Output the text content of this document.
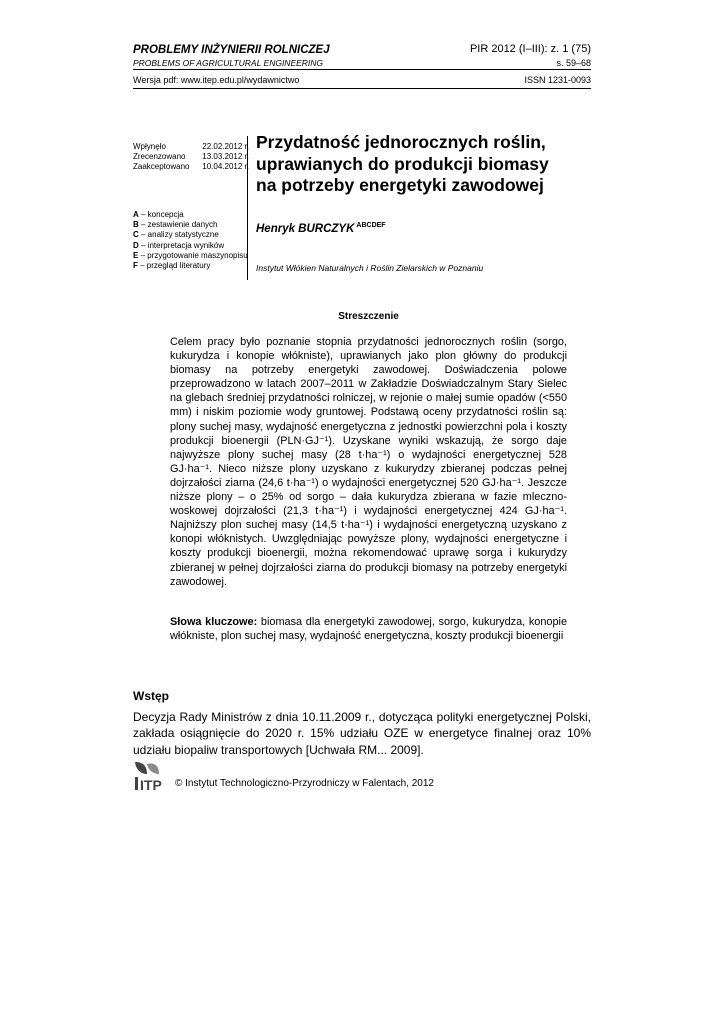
PROBLEMY INŻYNIERII ROLNICZEJ
PROBLEMS OF AGRICULTURAL ENGINEERING
PIR 2012 (I–III): z. 1 (75)
s. 59–68
Wersja pdf: www.itep.edu.pl/wydawnictwo	ISSN 1231-0093
Wpłynęło	22.02.2012 r.
Zrecenzowano 13.03.2012 r.
Zaakceptowano 10.04.2012 r.
A – koncepcja
B – zestawienie danych
C – analizy statystyczne
D – interpretacja wyników
E – przygotowanie maszynopisu
F – przegląd literatury
Przydatność jednorocznych roślin,
uprawianych do produkcji biomasy
na potrzeby energetyki zawodowej
Henryk BURCZYK $^{ABCDEF}$
Instytut Włókien Naturalnych i Roślin Zielarskich w Poznaniu
Streszczenie

Celem pracy było poznanie stopnia przydatności jednorocznych roślin (sorgo, kukurydza i konopie włókniste), uprawianych jako plon główny do produkcji biomasy na potrzeby energetyki zawodowej. Doświadczenia polowe przeprowadzono w latach 2007–2011 w Zakładzie Doświadczalnym Stary Sielec na glebach średniej przydatności rolniczej, w rejonie o małej sumie opadów (<550 mm) i niskim poziomie wody gruntowej. Podstawą oceny przydatności roślin są: plony suchej masy, wydajność energetyczna z jednostki powierzchni pola i koszty produkcji bioenergii (PLN·GJ⁻¹). Uzyskane wyniki wskazują, że sorgo daje najwyższe plony suchej masy (28 t·ha⁻¹) o wydajności energetycznej 528 GJ·ha⁻¹. Nieco niższe plony uzyskano z kukurydzy zbieranej podczas pełnej dojrzałości ziarna (24,6 t·ha⁻¹) o wydajności energetycznej 520 GJ·ha⁻¹. Jeszcze niższe plony – o 25% od sorgo – dała kukurydza zbierana w fazie mleczno-woskowej dojrzałości (21,3 t·ha⁻¹) i wydajności energetycznej 424 GJ·ha⁻¹. Najniższy plon suchej masy (14,5 t·ha⁻¹) i wydajności energetyczną uzyskano z konopi włóknistych. Uwzględniając powyższe plony, wydajności energetyczne i koszty produkcji bioenergii, można rekomendować uprawę sorga i kukurydzy zbieranej w pełnej dojrzałości ziarna do produkcji biomasy na potrzeby energetyki zawodowej.

Słowa kluczowe: biomasa dla energetyki zawodowej, sorgo, kukurydza, konopie włókniste, plon suchej masy, wydajność energetyczna, koszty produkcji bioenergii
Wstęp
Decyzja Rady Ministrów z dnia 10.11.2009 r., dotycząca polityki energetycznej Polski, zakłada osiągnięcie do 2020 r. 15% udziału OZE w energetyce finalnej oraz 10% udziału biopaliw transportowych [Uchwała RM... 2009].
ITP © Instytut Technologiczno-Przyrodniczy w Falentach, 2012
